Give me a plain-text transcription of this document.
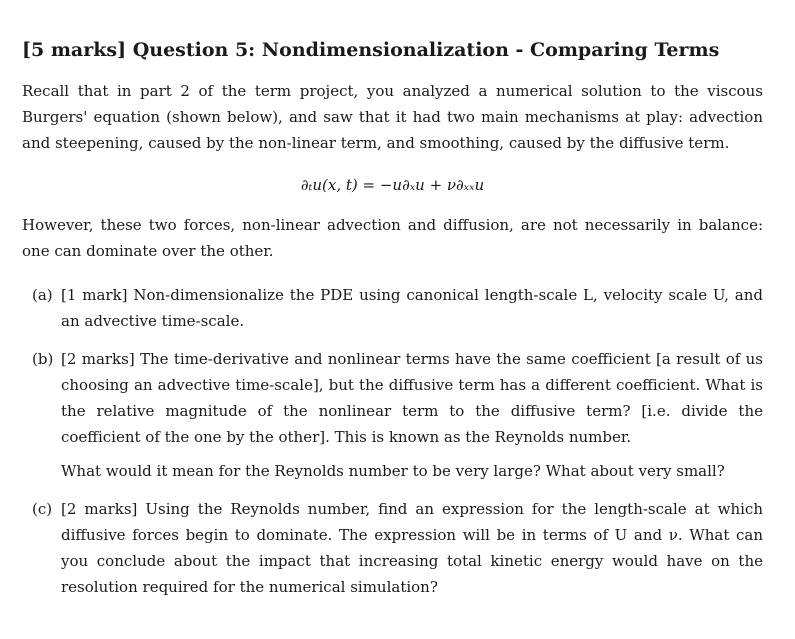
[5 marks] Question 5: Nondimensionalization - Comparing Terms

Recall that in part 2 of the term project, you analyzed a numerical solution to the viscous Burgers' equation (shown below), and saw that it had two main mechanisms at play: advection and steepening, caused by the non-linear term, and smoothing, caused by the diffusive term.

∂ₜu(x, t) = −u∂ₓu + ν∂ₓₓu

However, these two forces, non-linear advection and diffusion, are not necessarily in balance: one can dominate over the other.

(a) [1 mark] Non-dimensionalize the PDE using canonical length-scale L, velocity scale U, and an advective time-scale.

(b) [2 marks] The time-derivative and nonlinear terms have the same coefficient [a result of us choosing an advective time-scale], but the diffusive term has a different coefficient. What is the relative magnitude of the nonlinear term to the diffusive term? [i.e. divide the coefficient of the one by the other]. This is known as the Reynolds number.

What would it mean for the Reynolds number to be very large? What about very small?

(c) [2 marks] Using the Reynolds number, find an expression for the length-scale at which diffusive forces begin to dominate. The expression will be in terms of U and ν. What can you conclude about the impact that increasing total kinetic energy would have on the resolution required for the numerical simulation?
